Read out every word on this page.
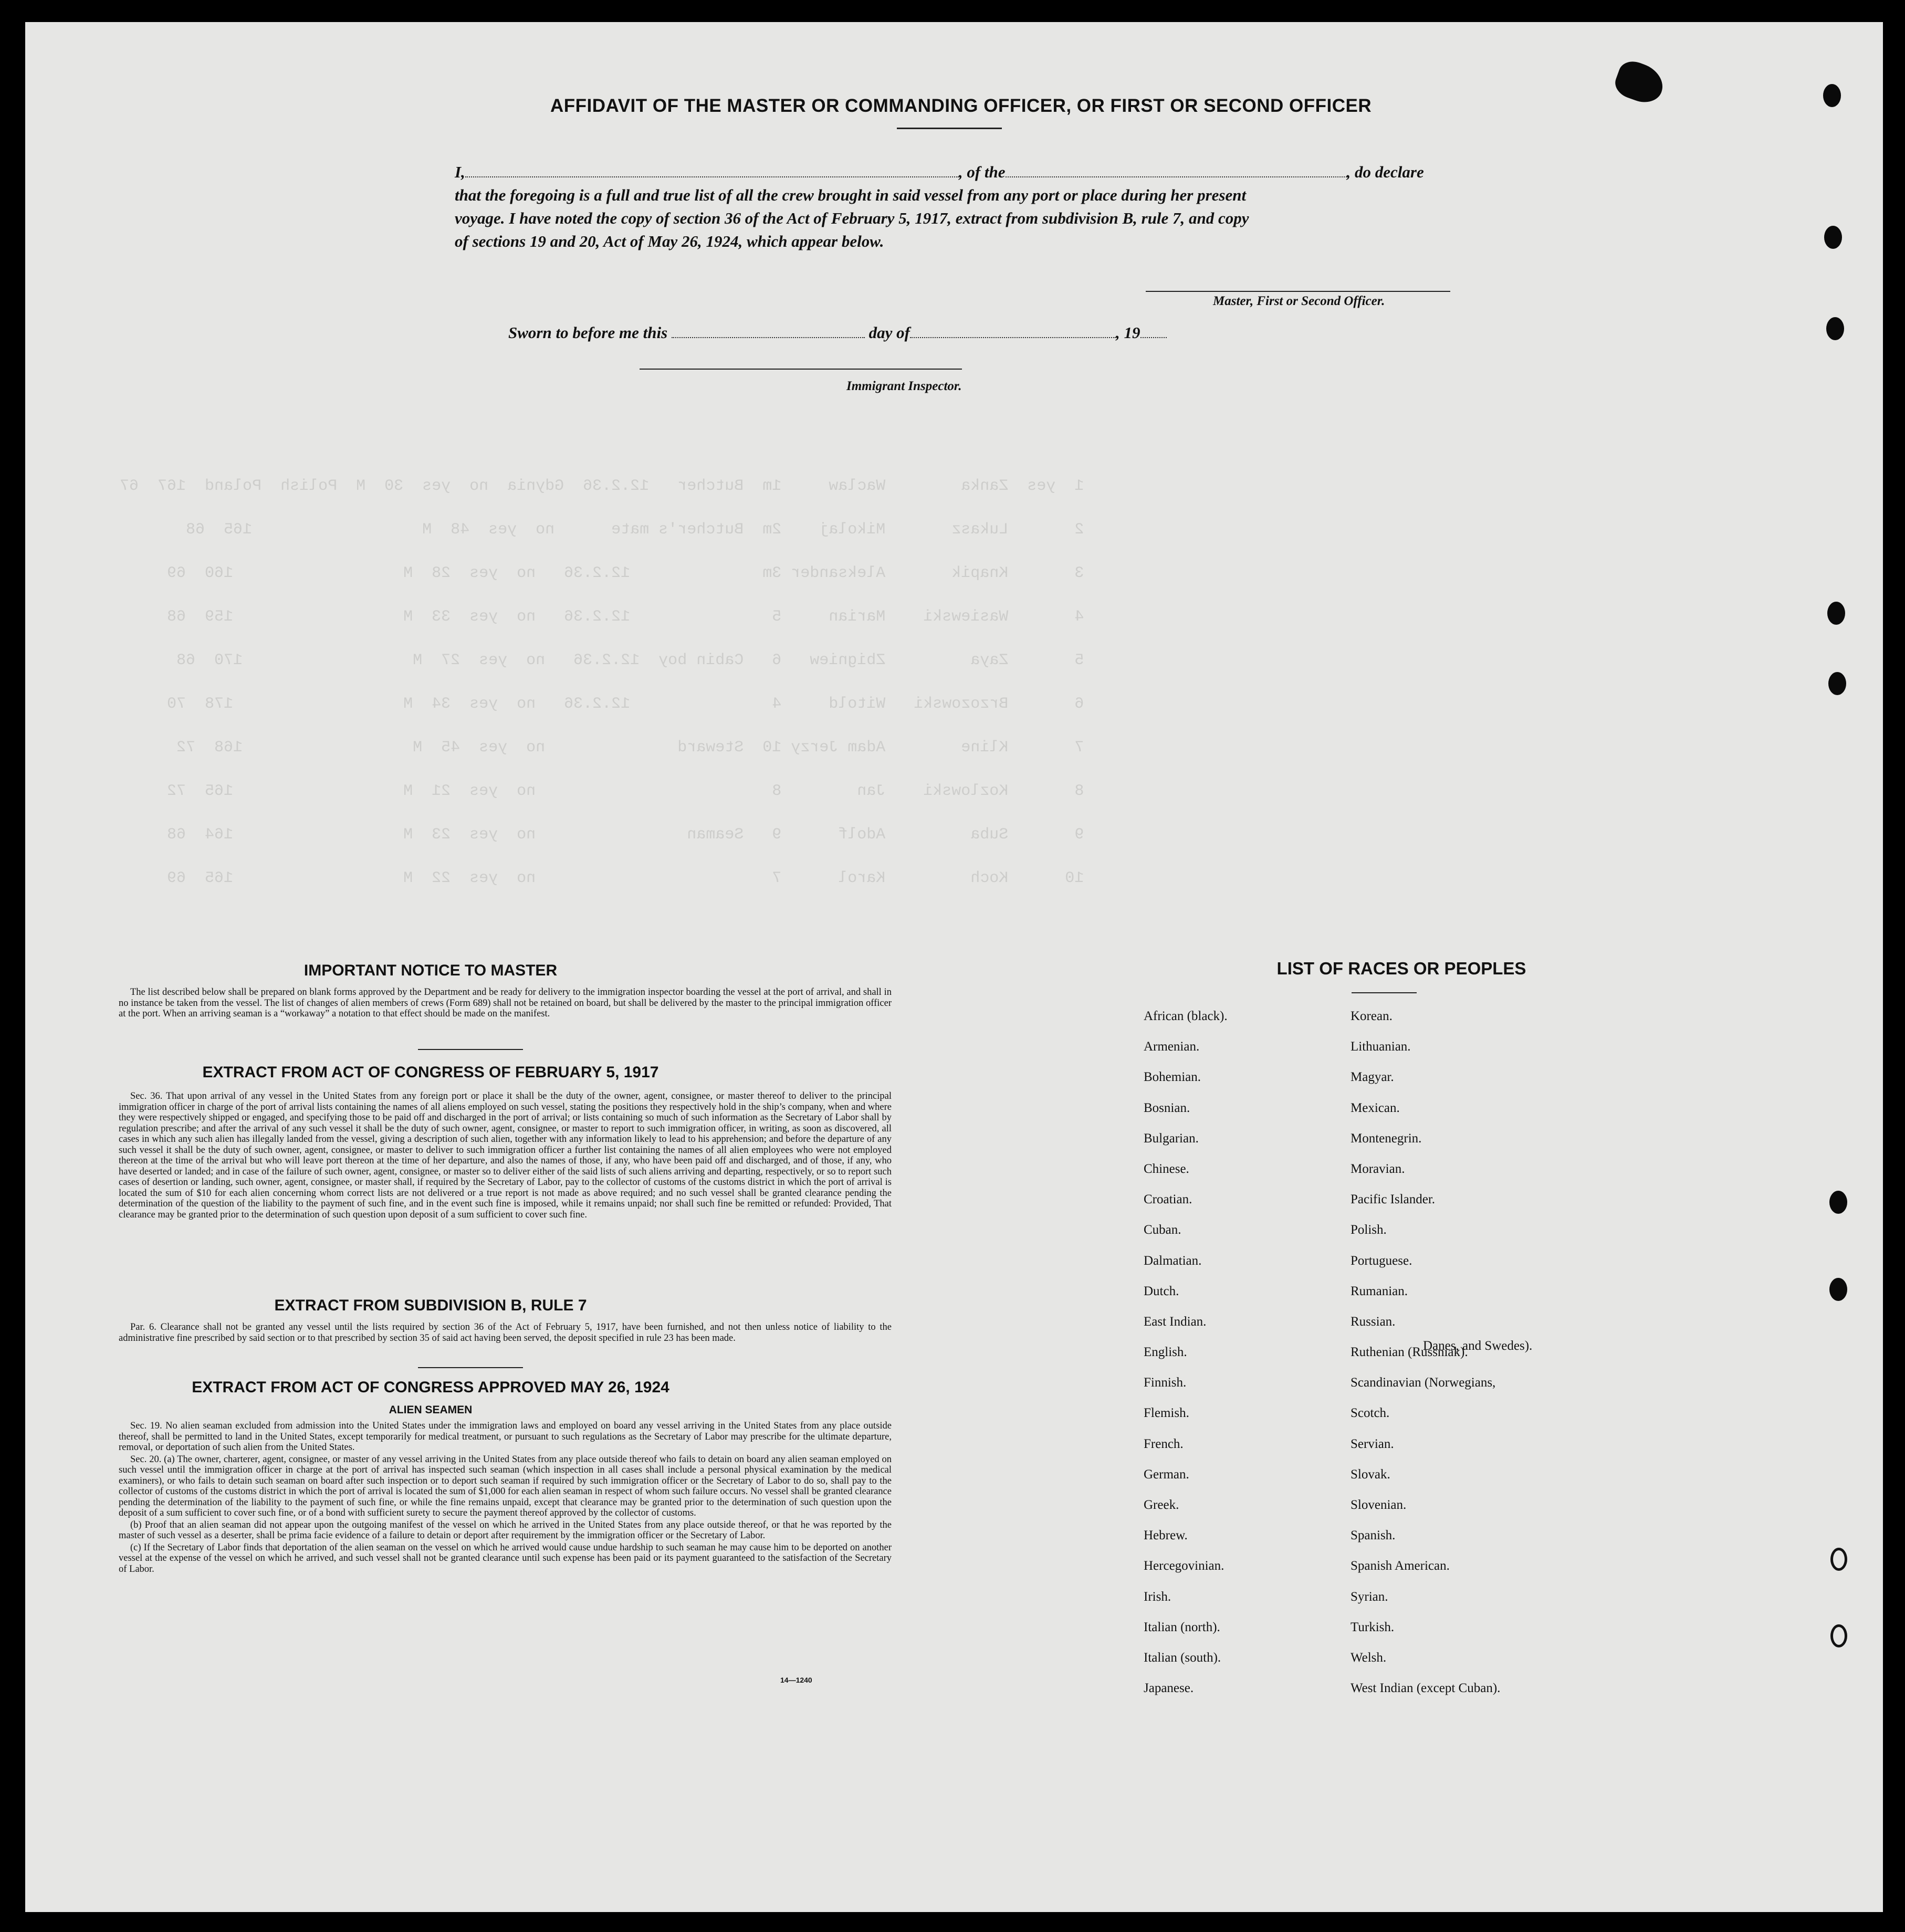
1  yes  Zanka        Waclaw     1m  Butcher   12.2.36  Gdynia  no  yes  30  M  Polish  Poland  167  67
2       Lukasz       Mikolaj    2m  Butcher's mate      no  yes  48  M                  165  68
3       Knapik       Aleksander 3m              12.2.36   no  yes  28  M                  160  69
4       Wasiewski    Marian     5               12.2.36   no  yes  33  M                  159  68
5       Zaya         Zbigniew   6   Cabin boy  12.2.36   no  yes  27  M                  170  68
6       Brzozowski   Witold     4               12.2.36   no  yes  34  M                  178  70
7       Kline        Adam Jerzy 10  Steward              no  yes  45  M                  168  72
8       Kozlowski    Jan        8                         no  yes  21  M                  165  72
9       Suba         Adolf      9   Seaman                no  yes  23  M                  164  68
10      Koch         Karol      7                         no  yes  22  M                  165  69

AFFIDAVIT OF THE MASTER OR COMMANDING OFFICER, OR FIRST OR SECOND OFFICER
I,	, of the	, do declare
that the foregoing is a full and true list of all the crew brought in said vessel from any port or place during her present
voyage. I have noted the copy of section 36 of the Act of February 5, 1917, extract from subdivision B, rule 7, and copy
of sections 19 and 20, Act of May 26, 1924, which appear below.
Master, First or Second Officer.
Sworn to before me this	day of	, 19
Immigrant Inspector.
IMPORTANT NOTICE TO MASTER

The list described below shall be prepared on blank forms approved by the Department and be ready for delivery to the immigration inspector boarding the vessel at the port of arrival, and shall in no instance be taken from the vessel. The list of changes of alien members of crews (Form 689) shall not be retained on board, but shall be delivered by the master to the principal immigration officer at the port. When an arriving seaman is a “workaway” a notation to that effect should be made on the manifest.

EXTRACT FROM ACT OF CONGRESS OF FEBRUARY 5, 1917

Sec. 36. That upon arrival of any vessel in the United States from any foreign port or place it shall be the duty of the owner, agent, consignee, or master thereof to deliver to the principal immigration officer in charge of the port of arrival lists containing the names of all aliens employed on such vessel, stating the positions they respectively hold in the ship’s company, when and where they were respectively shipped or engaged, and specifying those to be paid off and discharged in the port of arrival; or lists containing so much of such information as the Secretary of Labor shall by regulation prescribe; and after the arrival of any such vessel it shall be the duty of such owner, agent, consignee, or master to report to such immigration officer, in writing, as soon as discovered, all cases in which any such alien has illegally landed from the vessel, giving a description of such alien, together with any information likely to lead to his apprehension; and before the departure of any such vessel it shall be the duty of such owner, agent, consignee, or master to deliver to such immigration officer a further list containing the names of all alien employees who were not employed thereon at the time of the arrival but who will leave port thereon at the time of her departure, and also the names of those, if any, who have been paid off and discharged, and of those, if any, who have deserted or landed; and in case of the failure of such owner, agent, consignee, or master so to deliver either of the said lists of such aliens arriving and departing, respectively, or so to report such cases of desertion or landing, such owner, agent, consignee, or master shall, if required by the Secretary of Labor, pay to the collector of customs of the customs district in which the port of arrival is located the sum of $10 for each alien concerning whom correct lists are not delivered or a true report is not made as above required; and no such vessel shall be granted clearance pending the determination of the question of the liability to the payment of such fine, and in the event such fine is imposed, while it remains unpaid; nor shall such fine be remitted or refunded: Provided, That clearance may be granted prior to the determination of such question upon deposit of a sum sufficient to cover such fine.

EXTRACT FROM SUBDIVISION B, RULE 7

Par. 6. Clearance shall not be granted any vessel until the lists required by section 36 of the Act of February 5, 1917, have been furnished, and not then unless notice of liability to the administrative fine prescribed by said section or to that prescribed by section 35 of said act having been served, the deposit specified in rule 23 has been made.

EXTRACT FROM ACT OF CONGRESS APPROVED MAY 26, 1924
ALIEN SEAMEN

Sec. 19. No alien seaman excluded from admission into the United States under the immigration laws and employed on board any vessel arriving in the United States from any place outside thereof, shall be permitted to land in the United States, except temporarily for medical treatment, or pursuant to such regulations as the Secretary of Labor may prescribe for the ultimate departure, removal, or deportation of such alien from the United States.

Sec. 20. (a) The owner, charterer, agent, consignee, or master of any vessel arriving in the United States from any place outside thereof who fails to detain on board any alien seaman employed on such vessel until the immigration officer in charge at the port of arrival has inspected such seaman (which inspection in all cases shall include a personal physical examination by the medical examiners), or who fails to detain such seaman on board after such inspection or to deport such seaman if required by such immigration officer or the Secretary of Labor to do so, shall pay to the collector of customs of the customs district in which the port of arrival is located the sum of $1,000 for each alien seaman in respect of whom such failure occurs. No vessel shall be granted clearance pending the determination of the liability to the payment of such fine, or while the fine remains unpaid, except that clearance may be granted prior to the determination of such question upon the deposit of a sum sufficient to cover such fine, or of a bond with sufficient surety to secure the payment thereof approved by the collector of customs.

(b) Proof that an alien seaman did not appear upon the outgoing manifest of the vessel on which he arrived in the United States from any place outside thereof, or that he was reported by the master of such vessel as a deserter, shall be prima facie evidence of a failure to detain or deport after requirement by the immigration officer or the Secretary of Labor.

(c) If the Secretary of Labor finds that deportation of the alien seaman on the vessel on which he arrived would cause undue hardship to such seaman he may cause him to be deported on another vessel at the expense of the vessel on which he arrived, and such vessel shall not be granted clearance until such expense has been paid or its payment guaranteed to the satisfaction of the Secretary of Labor.

14—1240
LIST OF RACES OR PEOPLES
African (black).
Armenian.
Bohemian.
Bosnian.
Bulgarian.
Chinese.
Croatian.
Cuban.
Dalmatian.
Dutch.
East Indian.
English.
Finnish.
Flemish.
French.
German.
Greek.
Hebrew.
Hercegovinian.
Irish.
Italian (north).
Italian (south).
Japanese.
Korean.
Lithuanian.
Magyar.
Mexican.
Montenegrin.
Moravian.
Pacific Islander.
Polish.
Portuguese.
Rumanian.
Russian.
Ruthenian (Russniak).
Scandinavian (Norwegians,
Scotch.
Servian.
Slovak.
Slovenian.
Spanish.
Spanish American.
Syrian.
Turkish.
Welsh.
West Indian (except Cuban).
Danes, and Swedes).
